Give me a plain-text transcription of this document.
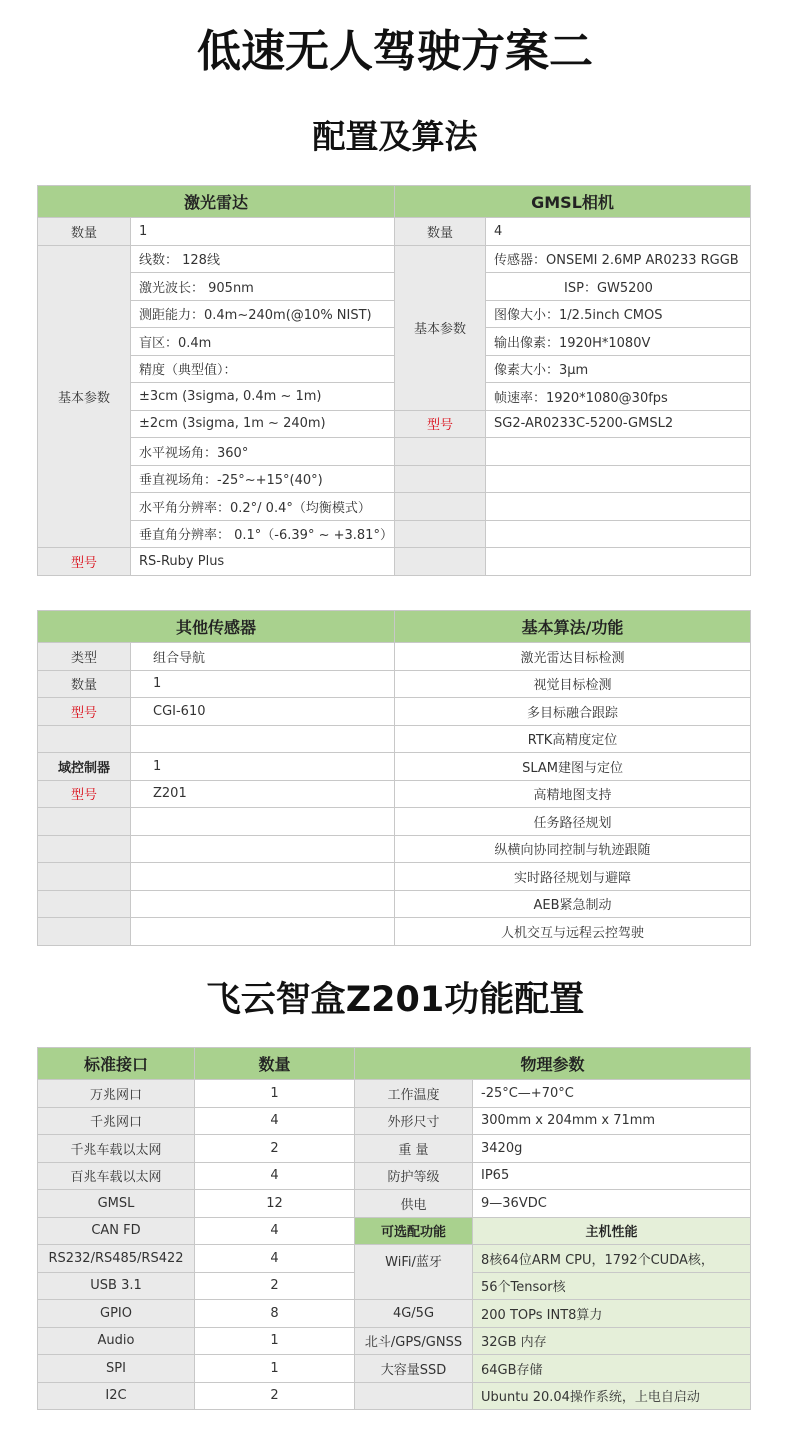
低速无人驾驶方案二
配置及算法
激光雷达		GMSL相机	
数量	1	数量	4
基本参数	线数： 128线	基本参数	传感器：ONSEMI 2.6MP AR0233 RGGB
	激光波长： 905nm		ISP：GW5200
	测距能力：0.4m~240m(@10% NIST)		图像大小：1/2.5inch CMOS
	盲区：0.4m		输出像素：1920H*1080V
	精度（典型值）：		像素大小：3μm
	±3cm (3sigma, 0.4m ~ 1m)		帧速率：1920*1080@30fps
	±2cm (3sigma, 1m ~ 240m)	型号	SG2-AR0233C-5200-GMSL2
	水平视场角：360°		
	垂直视场角：-25°~+15°(40°)		
	水平角分辨率：0.2°/ 0.4°（均衡模式）		
	垂直角分辨率： 0.1°（-6.39° ~ +3.81°）		
型号	RS-Ruby Plus		
其他传感器		基本算法/功能
类型	组合导航	激光雷达目标检测
数量	1	视觉目标检测
型号	CGI-610	多目标融合跟踪
		RTK高精度定位
域控制器	1	SLAM建图与定位
型号	Z201	高精地图支持
		任务路径规划
		纵横向协同控制与轨迹跟随
		实时路径规划与避障
		AEB紧急制动
		人机交互与远程云控驾驶
飞云智盒Z201功能配置
标准接口	数量	物理参数	
万兆网口	1	工作温度	-25°C—+70°C
千兆网口	4	外形尺寸	300mm x 204mm x 71mm
千兆车载以太网	2	重 量	3420g
百兆车载以太网	4	防护等级	IP65
GMSL	12	供电	9—36VDC
CAN FD	4	可选配功能	主机性能
RS232/RS485/RS422	4	WiFi/蓝牙	8核64位ARM CPU，1792个CUDA核，
USB 3.1	2		56个Tensor核
GPIO	8	4G/5G	200 TOPs INT8算力
Audio	1	北斗/GPS/GNSS	32GB 内存
SPI	1	大容量SSD	64GB存储
I2C	2		Ubuntu 20.04操作系统，上电自启动
